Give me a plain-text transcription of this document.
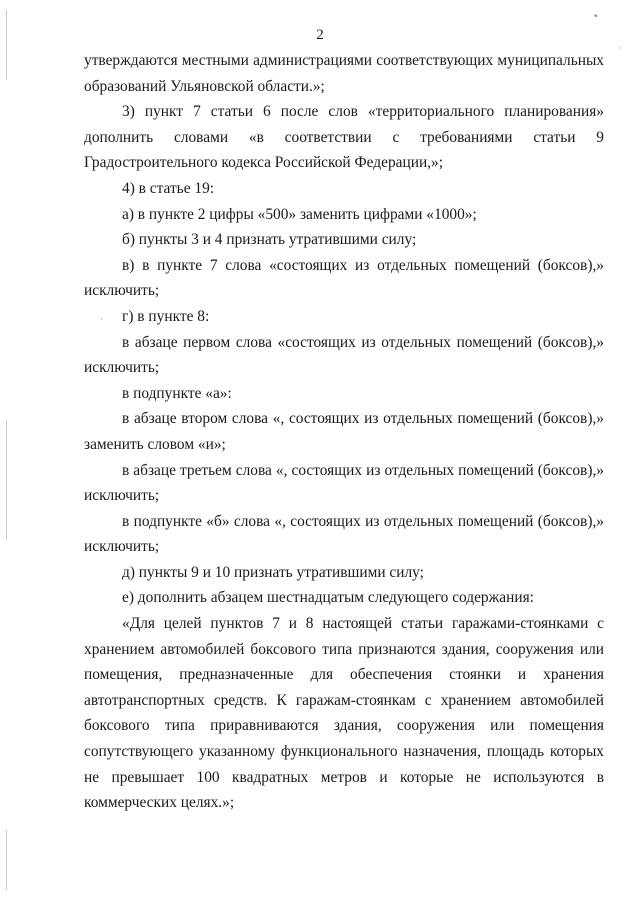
•
·
·
2

утверждаются местными администрациями соответствующих муниципальных образований Ульяновской области.»;

3) пункт 7 статьи 6 после слов «территориального планирования» дополнить словами «в соответствии с требованиями статьи 9 Градостроительного кодекса Российской Федерации,»;

4) в статье 19:

а) в пункте 2 цифры «500» заменить цифрами «1000»;

б) пункты 3 и 4 признать утратившими силу;

в) в пункте 7 слова «состоящих из отдельных помещений (боксов),» исключить;

г) в пункте 8:

в абзаце первом слова «состоящих из отдельных помещений (боксов),» исключить;

в подпункте «а»:

в абзаце втором слова «, состоящих из отдельных помещений (боксов),» заменить словом «и»;

в абзаце третьем слова «, состоящих из отдельных помещений (боксов),» исключить;

в подпункте «б» слова «, состоящих из отдельных помещений (боксов),» исключить;

д) пункты 9 и 10 признать утратившими силу;

е) дополнить абзацем шестнадцатым следующего содержания:

«Для целей пунктов 7 и 8 настоящей статьи гаражами-стоянками с хранением автомобилей боксового типа признаются здания, сооружения или помещения, предназначенные для обеспечения стоянки и хранения автотранспортных средств. К гаражам-стоянкам с хранением автомобилей боксового типа приравниваются здания, сооружения или помещения сопутствующего указанному функционального назначения, площадь которых не превышает 100 квадратных метров и которые не используются в коммерческих целях.»;
